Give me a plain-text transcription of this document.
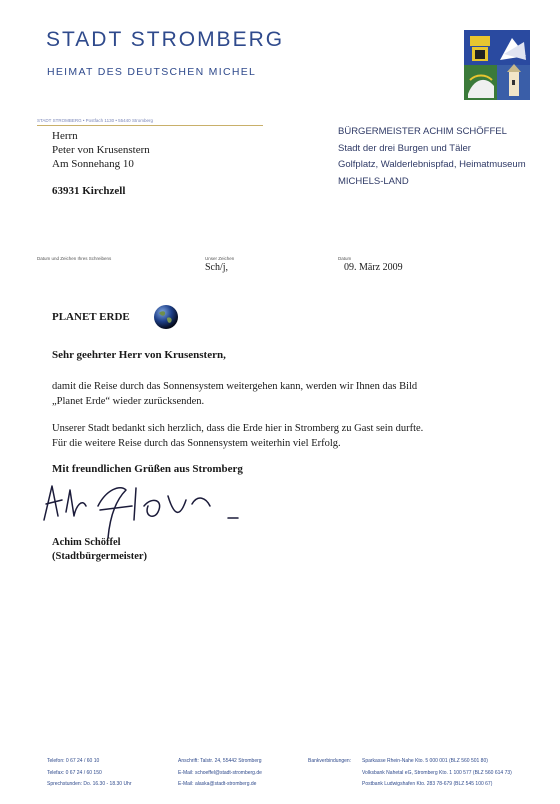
STADT STROMBERG
HEIMAT DES DEUTSCHEN MICHEL
STADT STROMBERG • Postfach 1130 • 55440 Stromberg
Herrn
Peter von Krusenstern
Am Sonnehang 10
63931 Kirchzell
BÜRGERMEISTER ACHIM SCHÖFFEL
Stadt der drei Burgen und Täler
Golfplatz, Walderlebnispfad, Heimatmuseum
MICHELS-LAND
Datum und Zeichen Ihres Schreibens	Unser Zeichen
Sch/j,
Datum
09. März 2009
PLANET ERDE
Sehr geehrter Herr von Krusenstern,
damit die Reise durch das Sonnensystem weitergehen kann, werden wir Ihnen das Bild
„Planet Erde“ wieder zurücksenden.
Unserer Stadt bedankt sich herzlich, dass die Erde hier in Stromberg zu Gast sein durfte.
Für die weitere Reise durch das Sonnensystem weiterhin viel Erfolg.
Mit freundlichen Grüßen aus Stromberg
Achim Schöffel
(Stadtbürgermeister)
Telefon: 0 67 24 / 60 10
Telefax: 0 67 24 / 60 150
Sprechstunden: Do. 16.30 - 18.30 Uhr
Anschrift: Talstr. 24, 55442 Stromberg
E-Mail: schoeffel@stadt-stromberg.de
E-Mail: alaska@stadt-stromberg.de
Bankverbindungen: Sparkasse Rhein-Nahe Kto. 5 000 001 (BLZ 560 501 80)
Volksbank Nahetal eG, Stromberg Kto. 1 100 577 (BLZ 560 614 73)
Postbank Ludwigshafen Kto. 283 78-679 (BLZ 545 100 67)
